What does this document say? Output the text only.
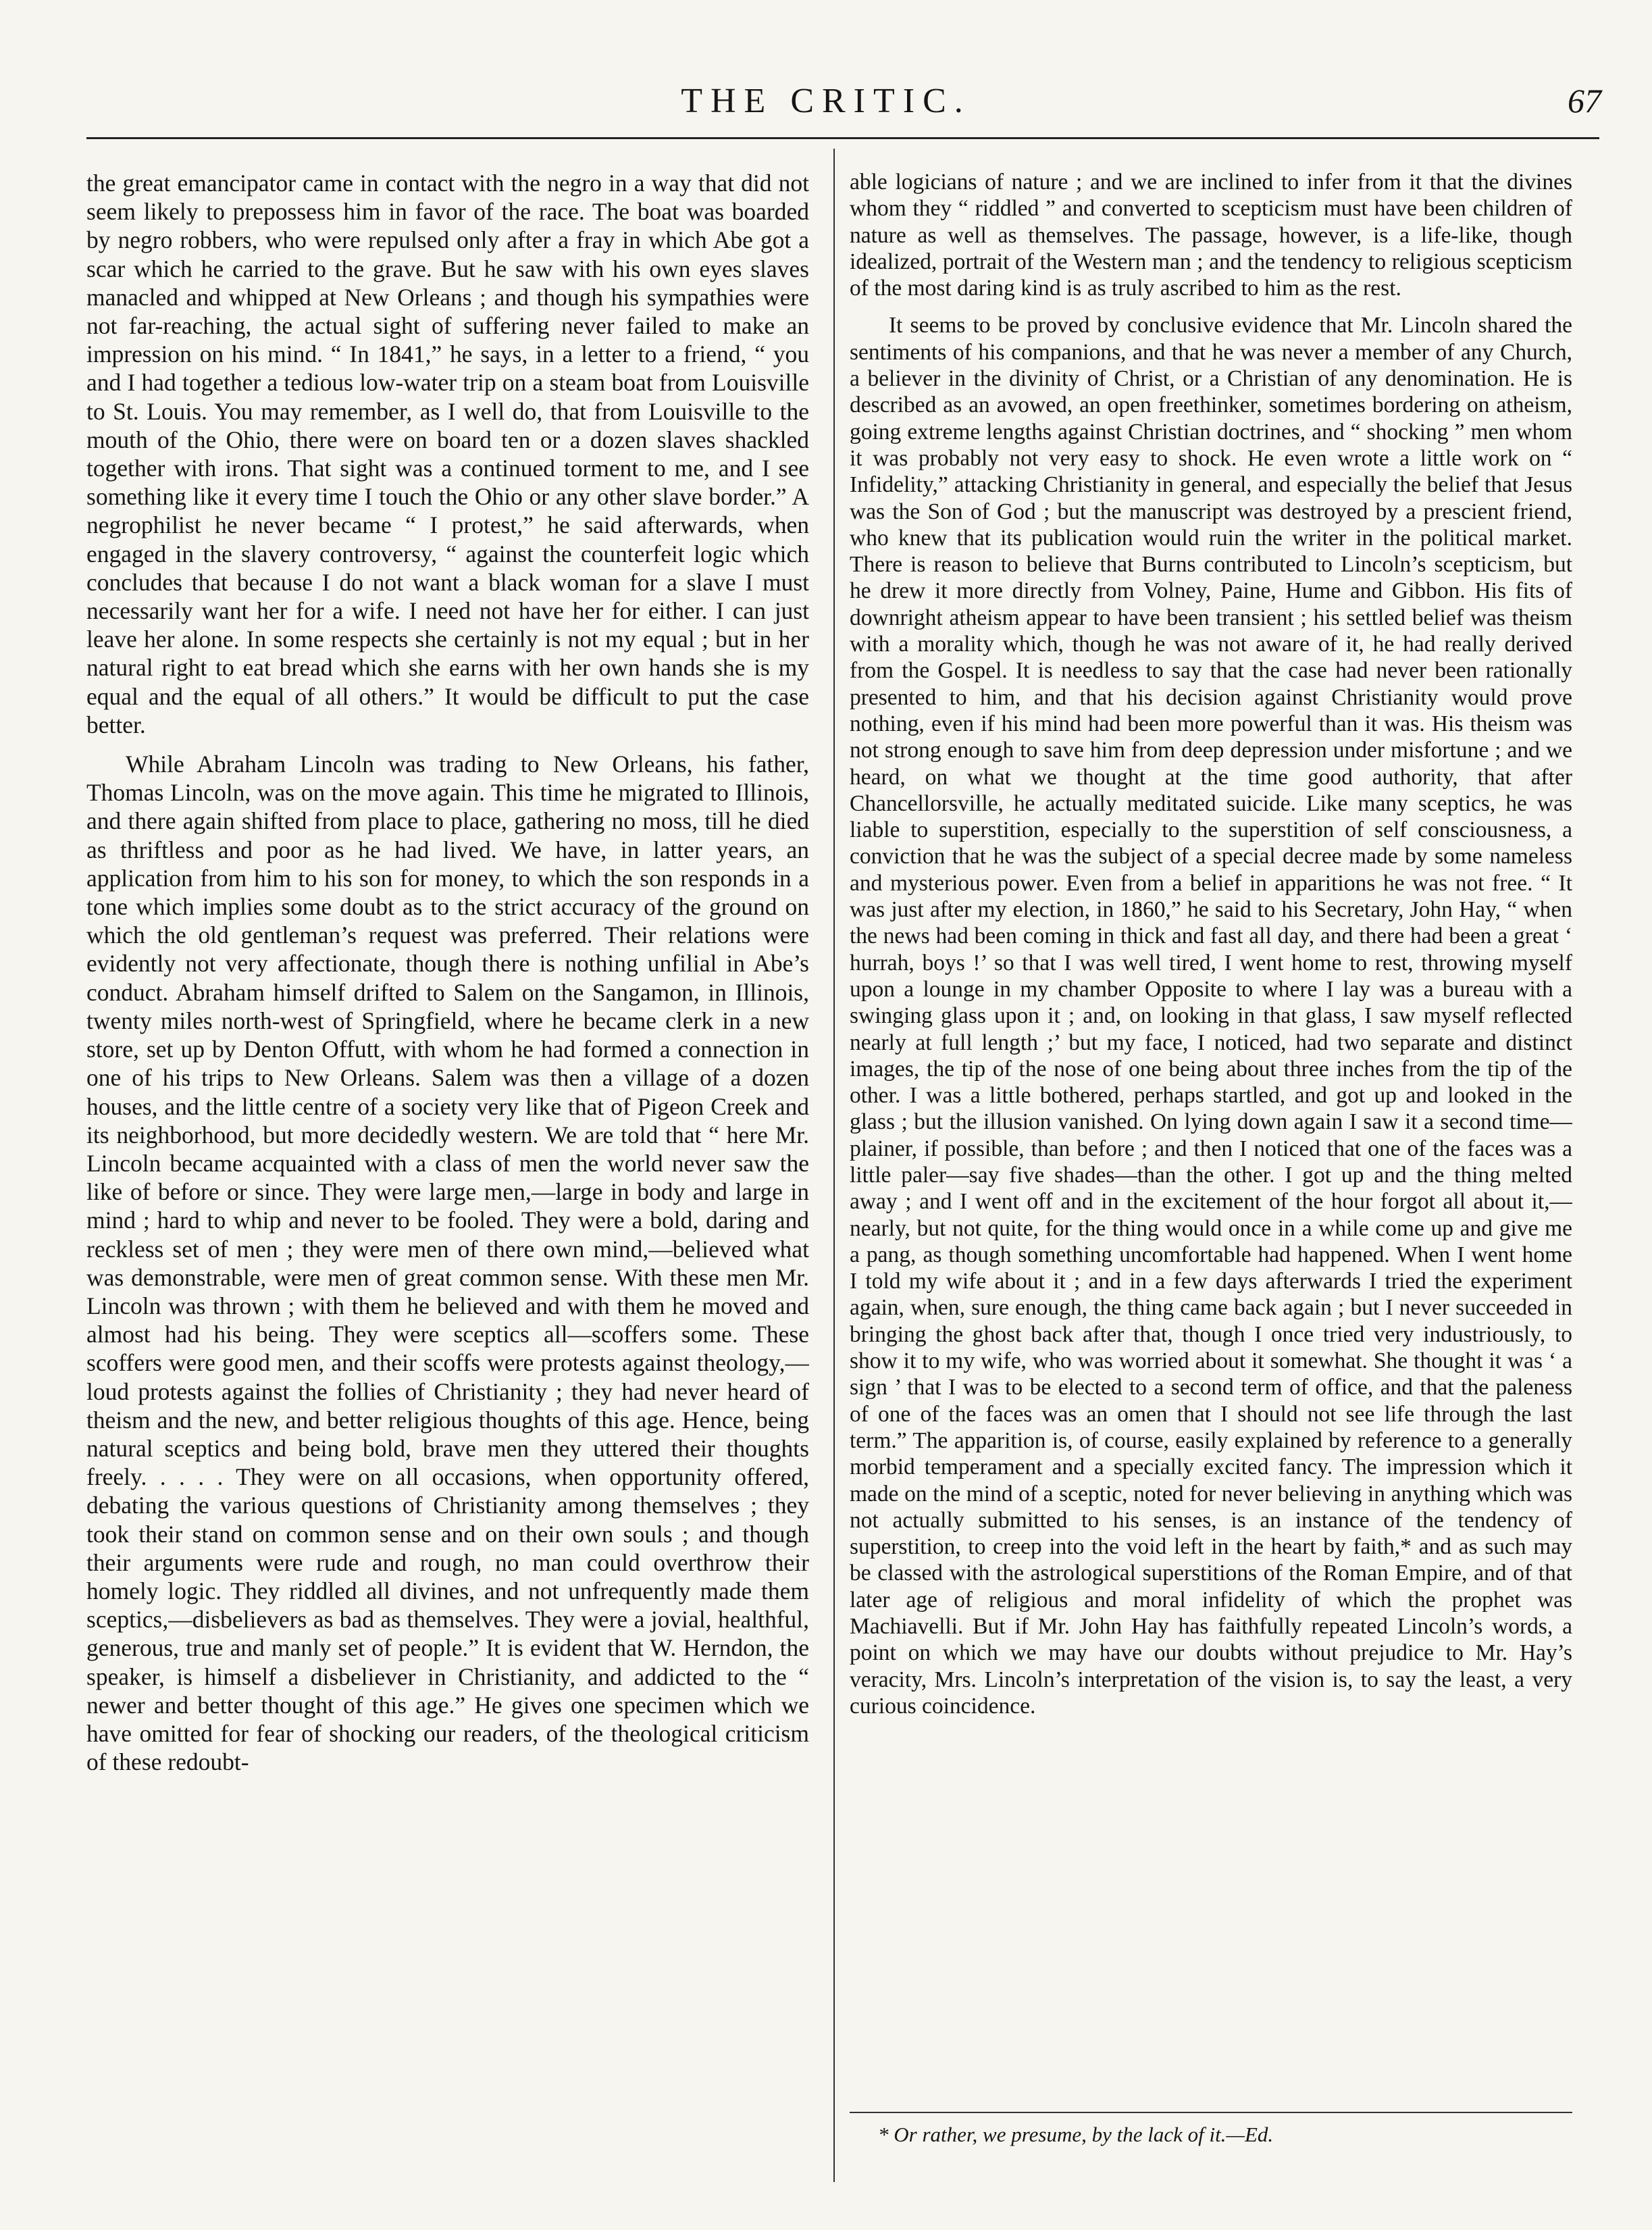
THE CRITIC.	67

the great emancipator came in contact with the negro in a way that did not seem likely to prepossess him in favor of the race. The boat was boarded by negro robbers, who were repulsed only after a fray in which Abe got a scar which he carried to the grave. But he saw with his own eyes slaves manacled and whipped at New Orleans ; and though his sympathies were not far-reaching, the actual sight of suffering never failed to make an impression on his mind. “ In 1841,” he says, in a letter to a friend, “ you and I had together a tedious low-water trip on a steam boat from Louisville to St. Louis. You may remember, as I well do, that from Louisville to the mouth of the Ohio, there were on board ten or a dozen slaves shackled together with irons. That sight was a continued torment to me, and I see something like it every time I touch the Ohio or any other slave border.” A negrophilist he never became “ I protest,” he said afterwards, when engaged in the slavery controversy, “ against the counterfeit logic which concludes that because I do not want a black woman for a slave I must necessarily want her for a wife. I need not have her for either. I can just leave her alone. In some respects she certainly is not my equal ; but in her natural right to eat bread which she earns with her own hands she is my equal and the equal of all others.” It would be difficult to put the case better.

While Abraham Lincoln was trading to New Orleans, his father, Thomas Lincoln, was on the move again. This time he migrated to Illinois, and there again shifted from place to place, gathering no moss, till he died as thriftless and poor as he had lived. We have, in latter years, an application from him to his son for money, to which the son responds in a tone which implies some doubt as to the strict accuracy of the ground on which the old gentleman’s request was preferred. Their relations were evidently not very affectionate, though there is nothing unfilial in Abe’s conduct. Abraham himself drifted to Salem on the Sangamon, in Illinois, twenty miles north-west of Springfield, where he became clerk in a new store, set up by Denton Offutt, with whom he had formed a connection in one of his trips to New Orleans. Salem was then a village of a dozen houses, and the little centre of a society very like that of Pigeon Creek and its neighborhood, but more decidedly western. We are told that “ here Mr. Lincoln became acquainted with a class of men the world never saw the like of before or since. They were large men,—large in body and large in mind ; hard to whip and never to be fooled. They were a bold, daring and reckless set of men ; they were men of there own mind,—believed what was demonstrable, were men of great common sense. With these men Mr. Lincoln was thrown ; with them he believed and with them he moved and almost had his being. They were sceptics all—scoffers some. These scoffers were good men, and their scoffs were protests against theology,—loud protests against the follies of Christianity ; they had never heard of theism and the new, and better religious thoughts of this age. Hence, being natural sceptics and being bold, brave men they uttered their thoughts freely. . . . . They were on all occasions, when opportunity offered, debating the various questions of Christianity among themselves ; they took their stand on common sense and on their own souls ; and though their arguments were rude and rough, no man could overthrow their homely logic. They riddled all divines, and not unfrequently made them sceptics,—disbelievers as bad as themselves. They were a jovial, healthful, generous, true and manly set of people.” It is evident that W. Herndon, the speaker, is himself a disbeliever in Christianity, and addicted to the “ newer and better thought of this age.” He gives one specimen which we have omitted for fear of shocking our readers, of the theological criticism of these redoubt-

able logicians of nature ; and we are inclined to infer from it that the divines whom they “ riddled ” and converted to scepticism must have been children of nature as well as themselves. The passage, however, is a life-like, though idealized, portrait of the Western man ; and the tendency to religious scepticism of the most daring kind is as truly ascribed to him as the rest.

It seems to be proved by conclusive evidence that Mr. Lincoln shared the sentiments of his companions, and that he was never a member of any Church, a believer in the divinity of Christ, or a Christian of any denomination. He is described as an avowed, an open freethinker, sometimes bordering on atheism, going extreme lengths against Christian doctrines, and “ shocking ” men whom it was probably not very easy to shock. He even wrote a little work on “ Infidelity,” attacking Christianity in general, and especially the belief that Jesus was the Son of God ; but the manuscript was destroyed by a prescient friend, who knew that its publication would ruin the writer in the political market. There is reason to believe that Burns contributed to Lincoln’s scepticism, but he drew it more directly from Volney, Paine, Hume and Gibbon. His fits of downright atheism appear to have been transient ; his settled belief was theism with a morality which, though he was not aware of it, he had really derived from the Gospel. It is needless to say that the case had never been rationally presented to him, and that his decision against Christianity would prove nothing, even if his mind had been more powerful than it was. His theism was not strong enough to save him from deep depression under misfortune ; and we heard, on what we thought at the time good authority, that after Chancellorsville, he actually meditated suicide. Like many sceptics, he was liable to superstition, especially to the superstition of self consciousness, a conviction that he was the subject of a special decree made by some nameless and mysterious power. Even from a belief in apparitions he was not free. “ It was just after my election, in 1860,” he said to his Secretary, John Hay, “ when the news had been coming in thick and fast all day, and there had been a great ‘ hurrah, boys !’ so that I was well tired, I went home to rest, throwing myself upon a lounge in my chamber Opposite to where I lay was a bureau with a swinging glass upon it ; and, on looking in that glass, I saw myself reflected nearly at full length ;’ but my face, I noticed, had two separate and distinct images, the tip of the nose of one being about three inches from the tip of the other. I was a little bothered, perhaps startled, and got up and looked in the glass ; but the illusion vanished. On lying down again I saw it a second time—plainer, if possible, than before ; and then I noticed that one of the faces was a little paler—say five shades—than the other. I got up and the thing melted away ; and I went off and in the excitement of the hour forgot all about it,—nearly, but not quite, for the thing would once in a while come up and give me a pang, as though something uncomfortable had happened. When I went home I told my wife about it ; and in a few days afterwards I tried the experiment again, when, sure enough, the thing came back again ; but I never succeeded in bringing the ghost back after that, though I once tried very industriously, to show it to my wife, who was worried about it somewhat. She thought it was ‘ a sign ’ that I was to be elected to a second term of office, and that the paleness of one of the faces was an omen that I should not see life through the last term.” The apparition is, of course, easily explained by reference to a generally morbid temperament and a specially excited fancy. The impression which it made on the mind of a sceptic, noted for never believing in anything which was not actually submitted to his senses, is an instance of the tendency of superstition, to creep into the void left in the heart by faith,* and as such may be classed with the astrological superstitions of the Roman Empire, and of that later age of religious and moral infidelity of which the prophet was Machiavelli. But if Mr. John Hay has faithfully repeated Lincoln’s words, a point on which we may have our doubts without prejudice to Mr. Hay’s veracity, Mrs. Lincoln’s interpretation of the vision is, to say the least, a very curious coincidence.

* Or rather, we presume, by the lack of it.—Ed.
